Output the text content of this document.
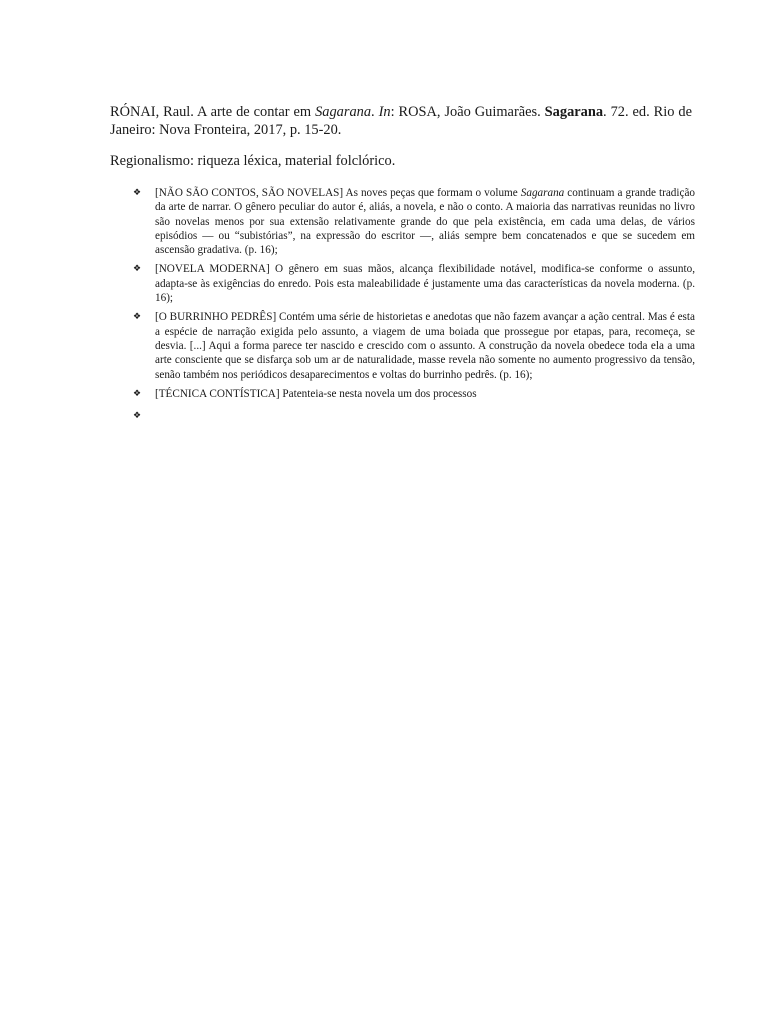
RÓNAI, Raul. A arte de contar em Sagarana. In: ROSA, João Guimarães. Sagarana. 72. ed. Rio de Janeiro: Nova Fronteira, 2017, p. 15-20.

Regionalismo: riqueza léxica, material folclórico.

❖ [NÃO SÃO CONTOS, SÃO NOVELAS] As noves peças que formam o volume Sagarana continuam a grande tradição da arte de narrar. O gênero peculiar do autor é, aliás, a novela, e não o conto. A maioria das narrativas reunidas no livro são novelas menos por sua extensão relativamente grande do que pela existência, em cada uma delas, de vários episódios — ou “subistórias”, na expressão do escritor —, aliás sempre bem concatenados e que se sucedem em ascensão gradativa. (p. 16);
❖ [NOVELA MODERNA] O gênero em suas mãos, alcança flexibilidade notável, modifica-se conforme o assunto, adapta-se às exigências do enredo. Pois esta maleabilidade é justamente uma das características da novela moderna. (p. 16);
❖ [O BURRINHO PEDRÊS] Contém uma série de historietas e anedotas que não fazem avançar a ação central. Mas é esta a espécie de narração exigida pelo assunto, a viagem de uma boiada que prossegue por etapas, para, recomeça, se desvia. [...] Aqui a forma parece ter nascido e crescido com o assunto. A construção da novela obedece toda ela a uma arte consciente que se disfarça sob um ar de naturalidade, masse revela não somente no aumento progressivo da tensão, senão também nos periódicos desaparecimentos e voltas do burrinho pedrês. (p. 16);
❖ [TÉCNICA CONTÍSTICA] Patenteia-se nesta novela um dos processos
❖
